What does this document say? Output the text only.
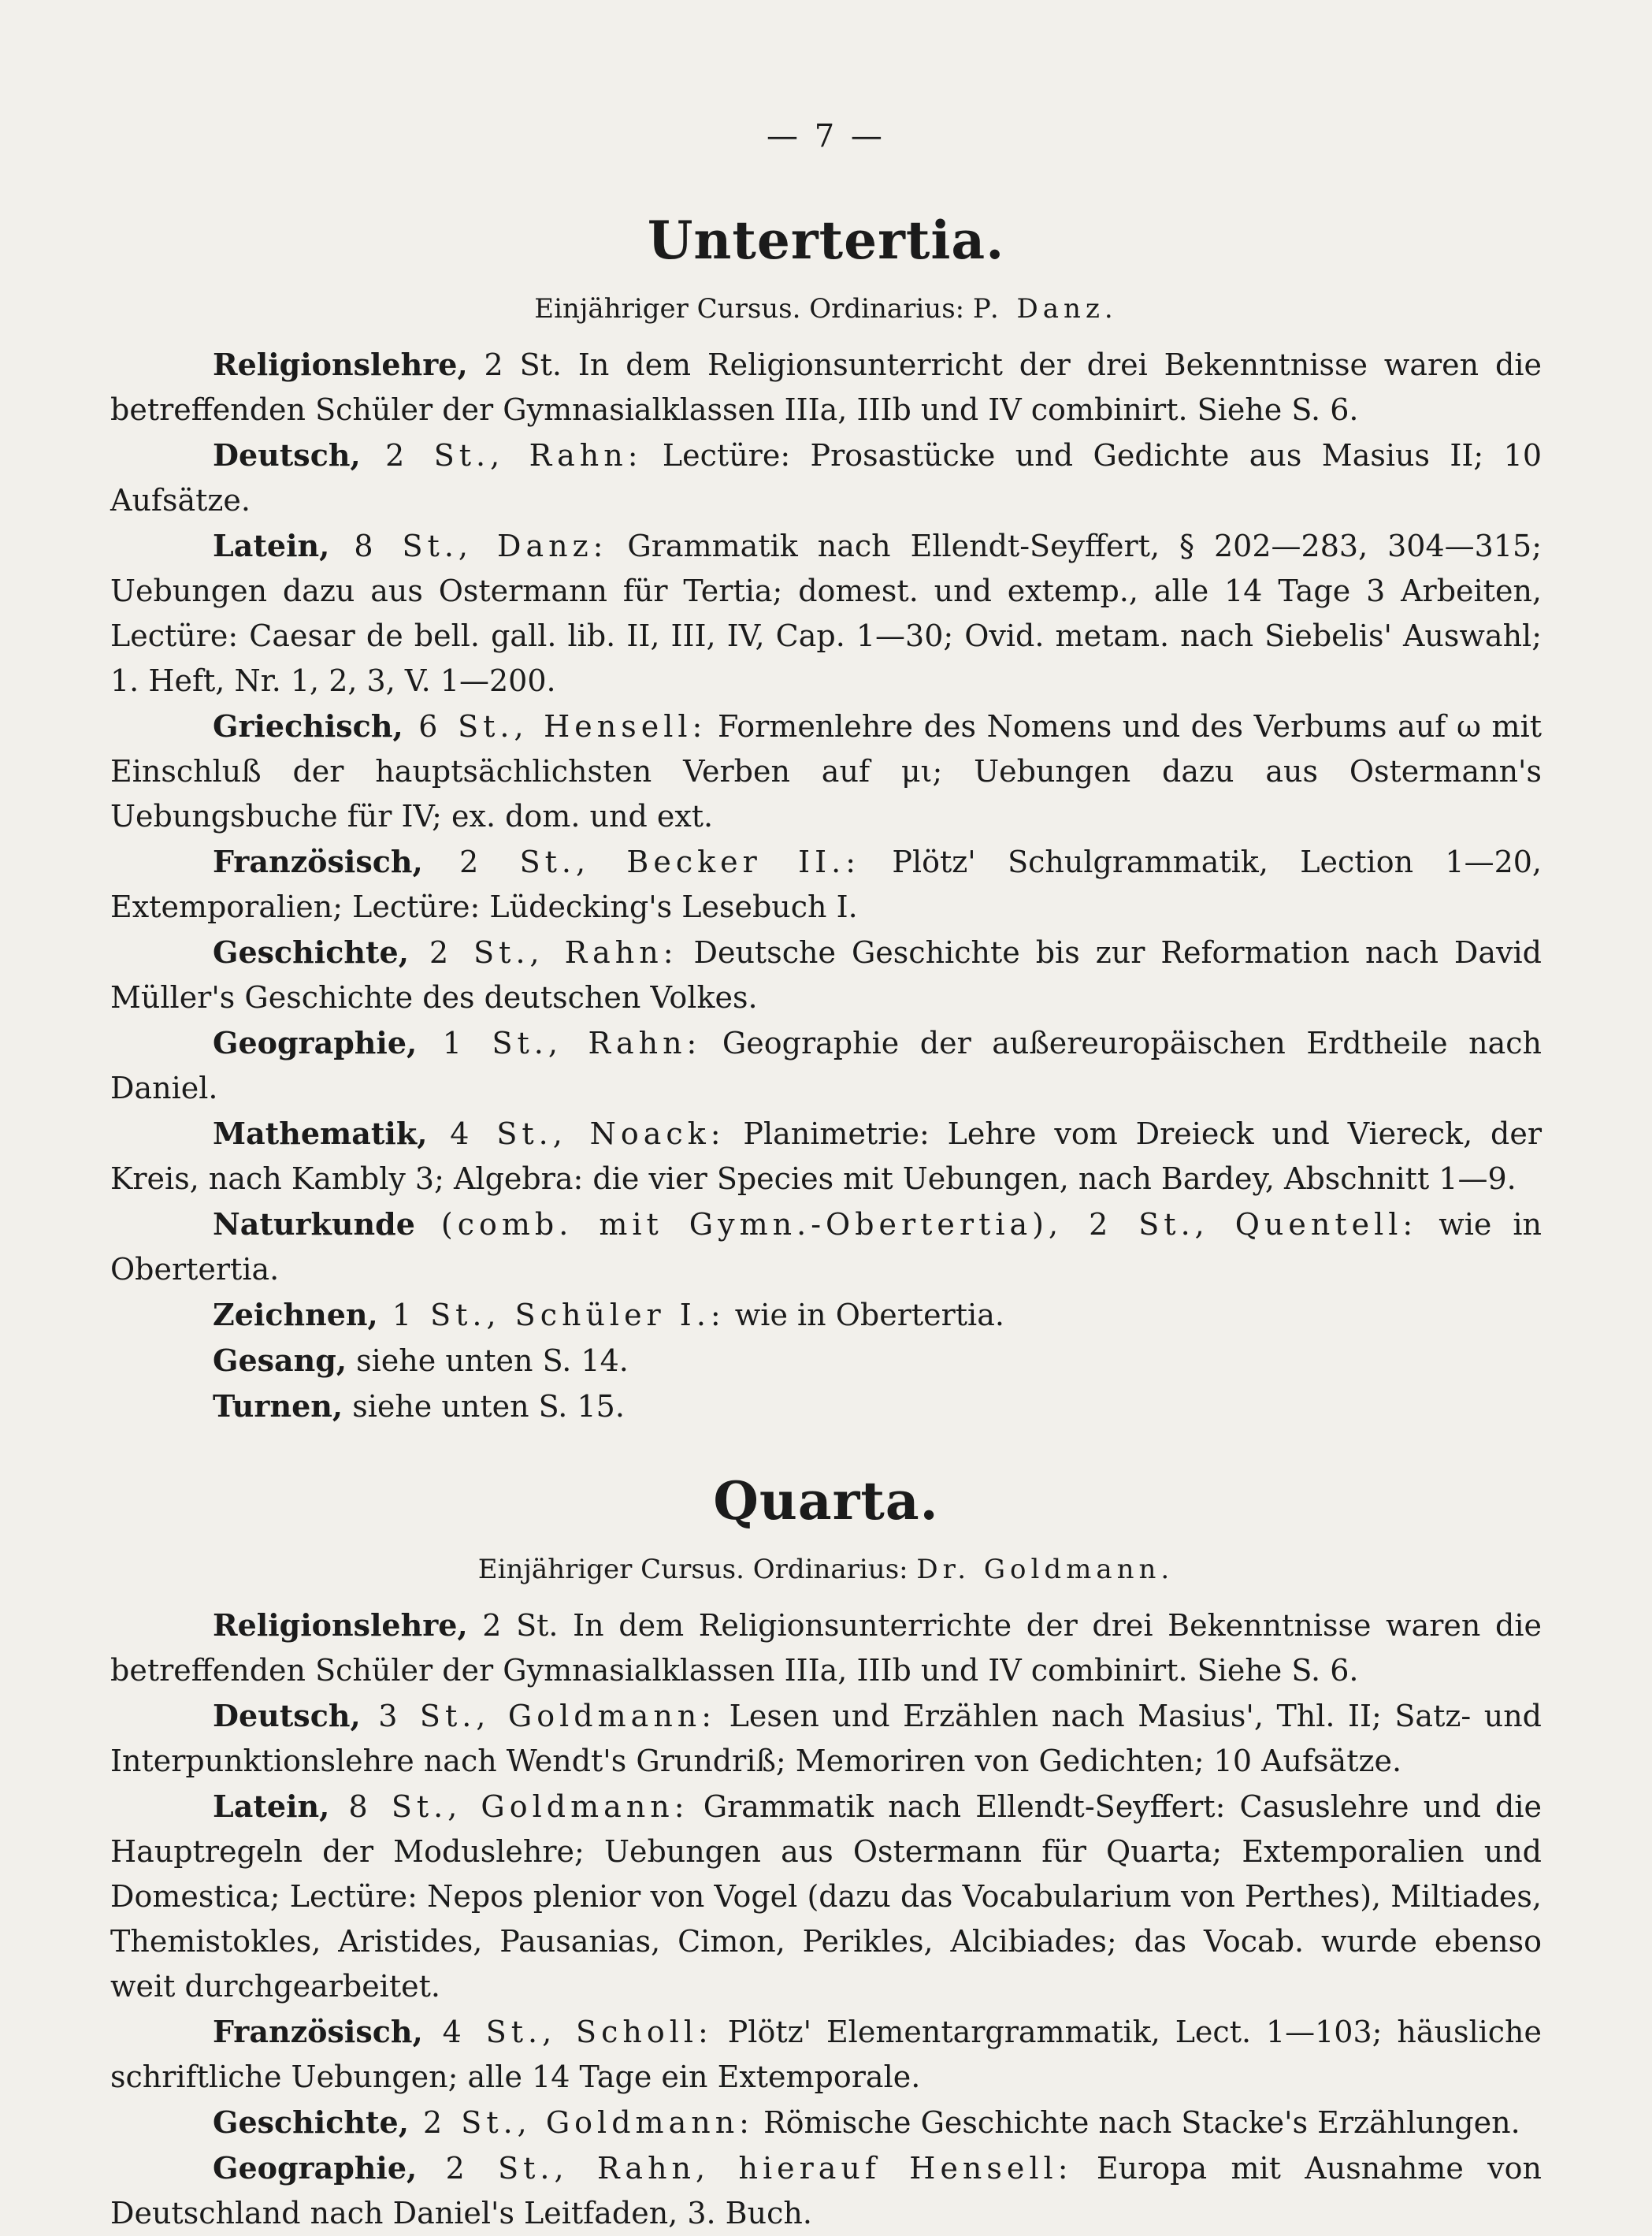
— 7 —
Untertertia.
Einjähriger Cursus. Ordinarius: P. Danz.

Religionslehre, 2 St. In dem Religionsunterricht der drei Bekenntnisse waren die betreffenden Schüler der Gymnasialklassen IIIa, IIIb und IV combinirt. Siehe S. 6.

Deutsch, 2 St., Rahn: Lectüre: Prosastücke und Gedichte aus Masius II; 10 Aufsätze.

Latein, 8 St., Danz: Grammatik nach Ellendt-Seyffert, § 202—283, 304—315; Uebungen dazu aus Ostermann für Tertia; domest. und extemp., alle 14 Tage 3 Arbeiten, Lectüre: Caesar de bell. gall. lib. II, III, IV, Cap. 1—30; Ovid. metam. nach Siebelis' Auswahl; 1. Heft, Nr. 1, 2, 3, V. 1—200.

Griechisch, 6 St., Hensell: Formenlehre des Nomens und des Verbums auf ω mit Einschluß der hauptsächlichsten Verben auf μι; Uebungen dazu aus Ostermann's Uebungsbuche für IV; ex. dom. und ext.

Französisch, 2 St., Becker II.: Plötz' Schulgrammatik, Lection 1—20, Extemporalien; Lectüre: Lüdecking's Lesebuch I.

Geschichte, 2 St., Rahn: Deutsche Geschichte bis zur Reformation nach David Müller's Geschichte des deutschen Volkes.

Geographie, 1 St., Rahn: Geographie der außereuropäischen Erdtheile nach Daniel.

Mathematik, 4 St., Noack: Planimetrie: Lehre vom Dreieck und Viereck, der Kreis, nach Kambly 3; Algebra: die vier Species mit Uebungen, nach Bardey, Abschnitt 1—9.

Naturkunde (comb. mit Gymn.-Obertertia), 2 St., Quentell: wie in Obertertia.

Zeichnen, 1 St., Schüler I.: wie in Obertertia.

Gesang, siehe unten S. 14.

Turnen, siehe unten S. 15.

Quarta.
Einjähriger Cursus. Ordinarius: Dr. Goldmann.

Religionslehre, 2 St. In dem Religionsunterrichte der drei Bekenntnisse waren die betreffenden Schüler der Gymnasialklassen IIIa, IIIb und IV combinirt. Siehe S. 6.

Deutsch, 3 St., Goldmann: Lesen und Erzählen nach Masius', Thl. II; Satz- und Interpunktionslehre nach Wendt's Grundriß; Memoriren von Gedichten; 10 Aufsätze.

Latein, 8 St., Goldmann: Grammatik nach Ellendt-Seyffert: Casuslehre und die Hauptregeln der Moduslehre; Uebungen aus Ostermann für Quarta; Extemporalien und Domestica; Lectüre: Nepos plenior von Vogel (dazu das Vocabularium von Perthes), Miltiades, Themistokles, Aristides, Pausanias, Cimon, Perikles, Alcibiades; das Vocab. wurde ebenso weit durchgearbeitet.

Französisch, 4 St., Scholl: Plötz' Elementargrammatik, Lect. 1—103; häusliche schriftliche Uebungen; alle 14 Tage ein Extemporale.

Geschichte, 2 St., Goldmann: Römische Geschichte nach Stacke's Erzählungen.

Geographie, 2 St., Rahn, hierauf Hensell: Europa mit Ausnahme von Deutschland nach Daniel's Leitfaden, 3. Buch.
